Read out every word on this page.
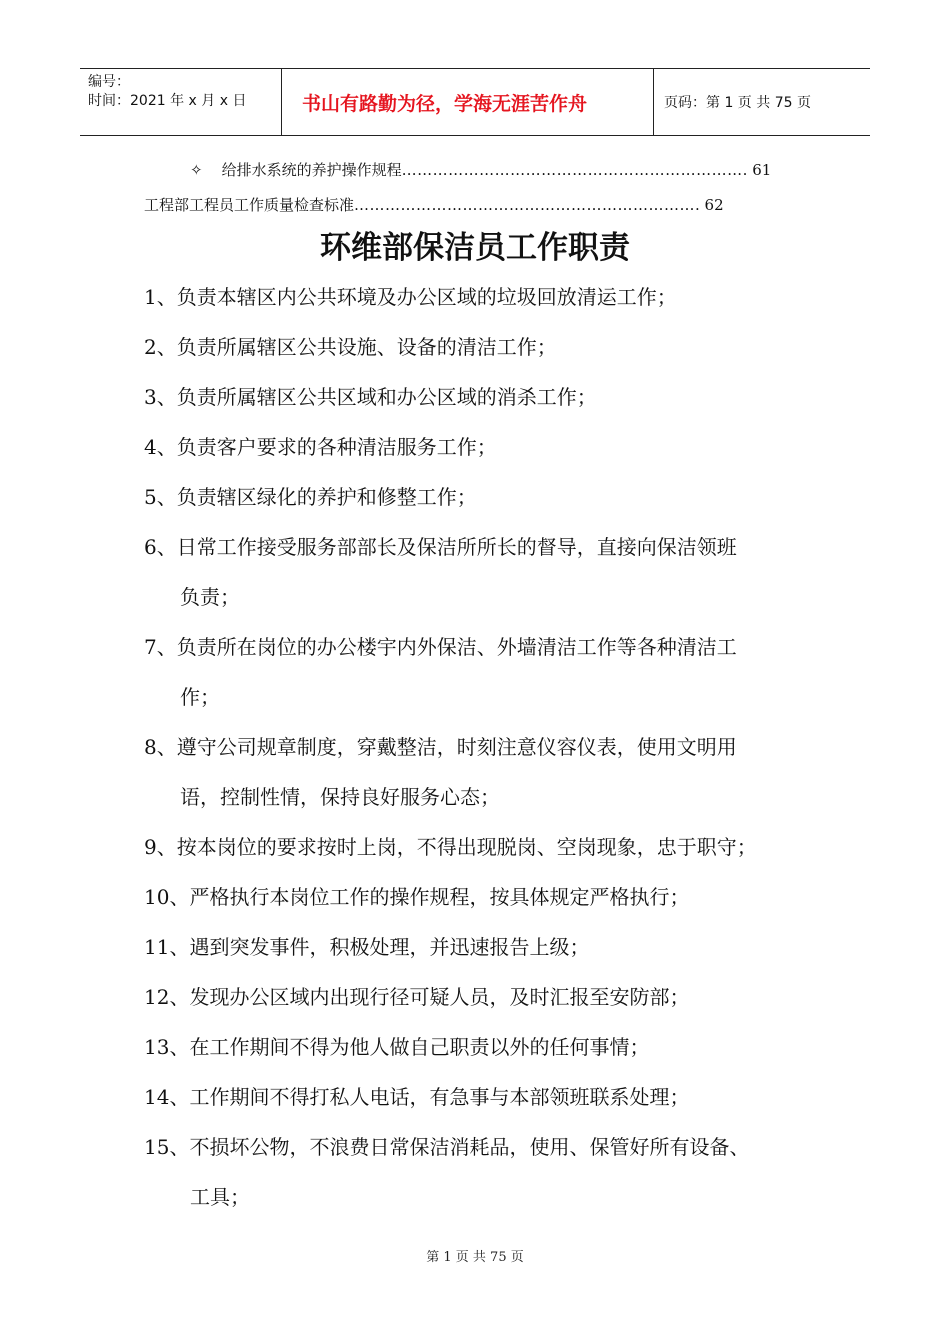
编号：
时间：2021 年 x 月 x 日	书山有路勤为径，学海无涯苦作舟	页码：第 1 页 共 75 页
✧ 给排水系统的养护操作规程…………………………………………………………. 61
工程部工程员工作质量检查标准…………………………………………………………. 62
环维部保洁员工作职责
1、负责本辖区内公共环境及办公区域的垃圾回放清运工作；
2、负责所属辖区公共设施、设备的清洁工作；
3、负责所属辖区公共区域和办公区域的消杀工作；
4、负责客户要求的各种清洁服务工作；
5、负责辖区绿化的养护和修整工作；
6、日常工作接受服务部部长及保洁所所长的督导，直接向保洁领班
负责；
7、负责所在岗位的办公楼宇内外保洁、外墙清洁工作等各种清洁工
作；
8、遵守公司规章制度，穿戴整洁，时刻注意仪容仪表，使用文明用
语，控制性情，保持良好服务心态；
9、按本岗位的要求按时上岗，不得出现脱岗、空岗现象，忠于职守；
10、严格执行本岗位工作的操作规程，按具体规定严格执行；
11、遇到突发事件，积极处理，并迅速报告上级；
12、发现办公区域内出现行径可疑人员，及时汇报至安防部；
13、在工作期间不得为他人做自己职责以外的任何事情；
14、工作期间不得打私人电话，有急事与本部领班联系处理；
15、不损坏公物，不浪费日常保洁消耗品，使用、保管好所有设备、
工具；
第 1 页 共 75 页
